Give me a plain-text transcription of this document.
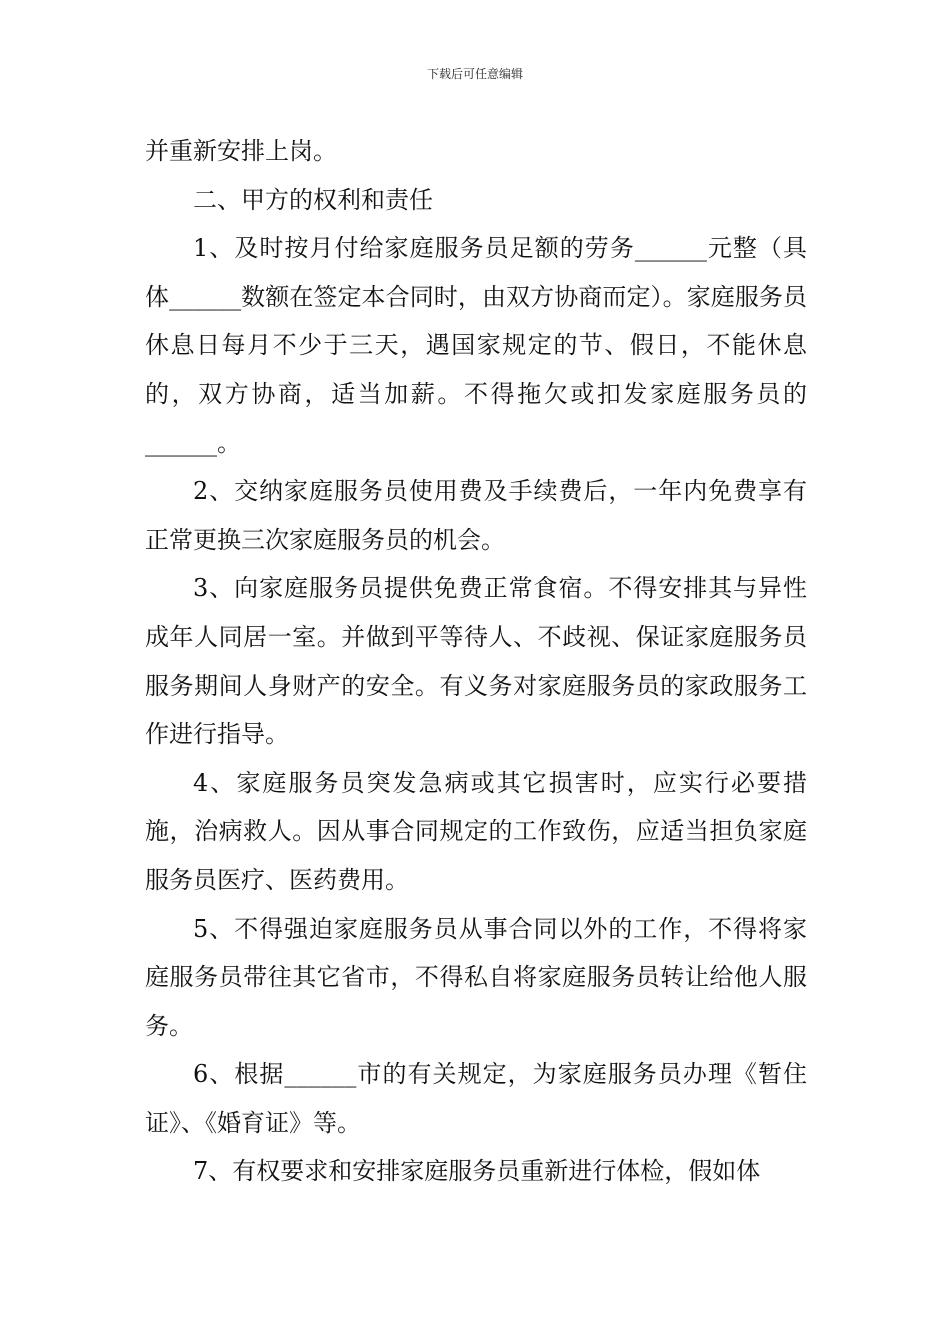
下载后可任意编辑

并重新安排上岗。

二、甲方的权利和责任

1、及时按月付给家庭服务员足额的劳务______元整（具体______数额在签定本合同时，由双方协商而定）。家庭服务员休息日每月不少于三天，遇国家规定的节、假日，不能休息的，双方协商，适当加薪。不得拖欠或扣发家庭服务员的______。

2、交纳家庭服务员使用费及手续费后，一年内免费享有正常更换三次家庭服务员的机会。

3、向家庭服务员提供免费正常食宿。不得安排其与异性成年人同居一室。并做到平等待人、不歧视、保证家庭服务员服务期间人身财产的安全。有义务对家庭服务员的家政服务工作进行指导。

4、家庭服务员突发急病或其它损害时，应实行必要措施，治病救人。因从事合同规定的工作致伤，应适当担负家庭服务员医疗、医药费用。

5、不得强迫家庭服务员从事合同以外的工作，不得将家庭服务员带往其它省市，不得私自将家庭服务员转让给他人服务。

6、根据______市的有关规定，为家庭服务员办理《暂住证》、《婚育证》等。

7、有权要求和安排家庭服务员重新进行体检，假如体
